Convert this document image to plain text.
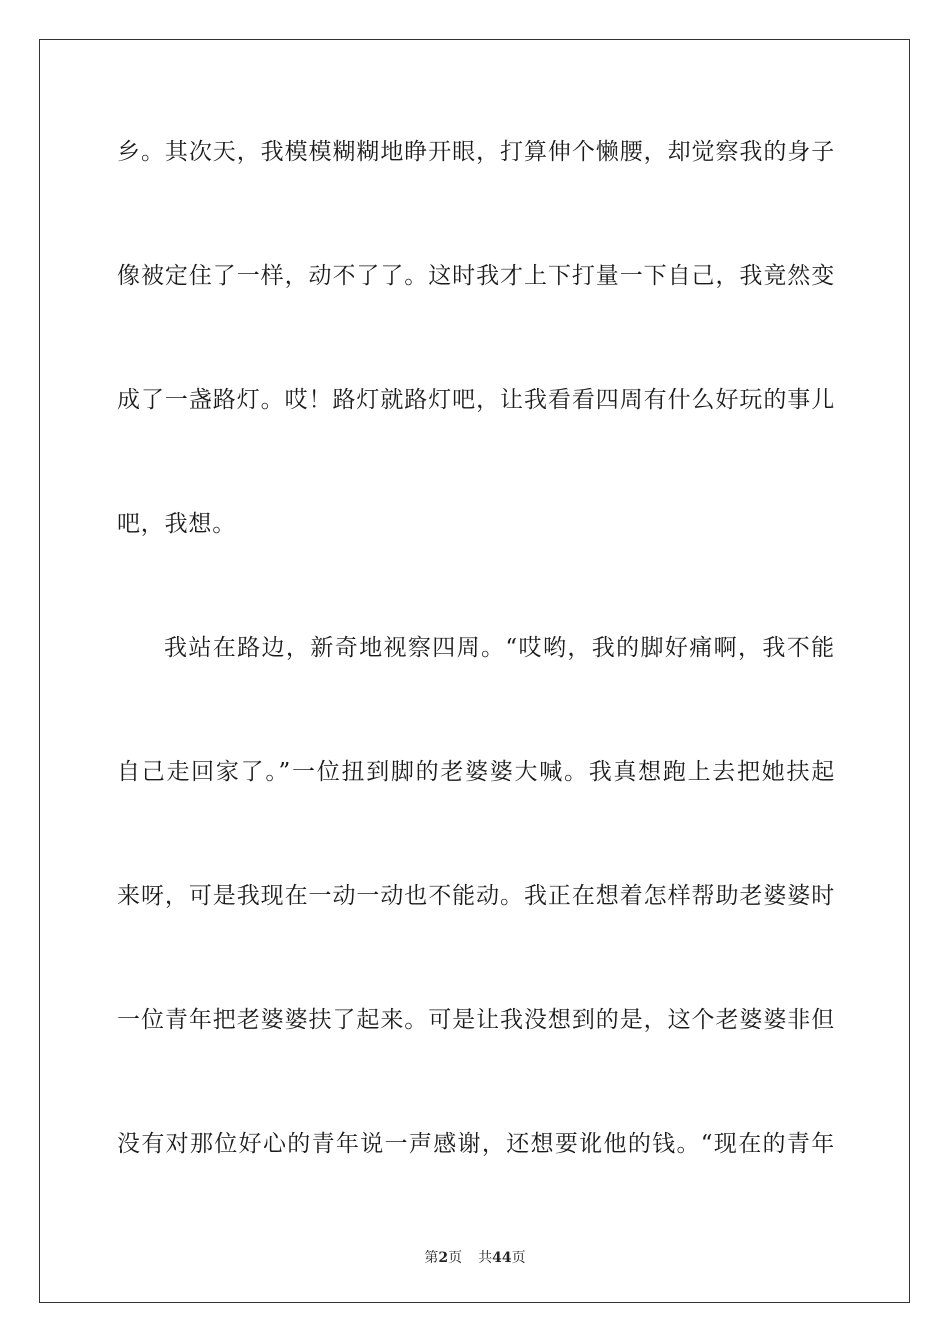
乡。其次天，我模模糊糊地睁开眼，打算伸个懒腰，却觉察我的身子
像被定住了一样，动不了了。这时我才上下打量一下自己，我竟然变
成了一盏路灯。哎！路灯就路灯吧，让我看看四周有什么好玩的事儿
吧，我想。
我站在路边，新奇地视察四周。“哎哟，我的脚好痛啊，我不能
自己走回家了。”一位扭到脚的老婆婆大喊。我真想跑上去把她扶起
来呀，可是我现在一动一动也不能动。我正在想着怎样帮助老婆婆时
一位青年把老婆婆扶了起来。可是让我没想到的是，这个老婆婆非但
没有对那位好心的青年说一声感谢，还想要讹他的钱。“现在的青年
第2页 共44页
